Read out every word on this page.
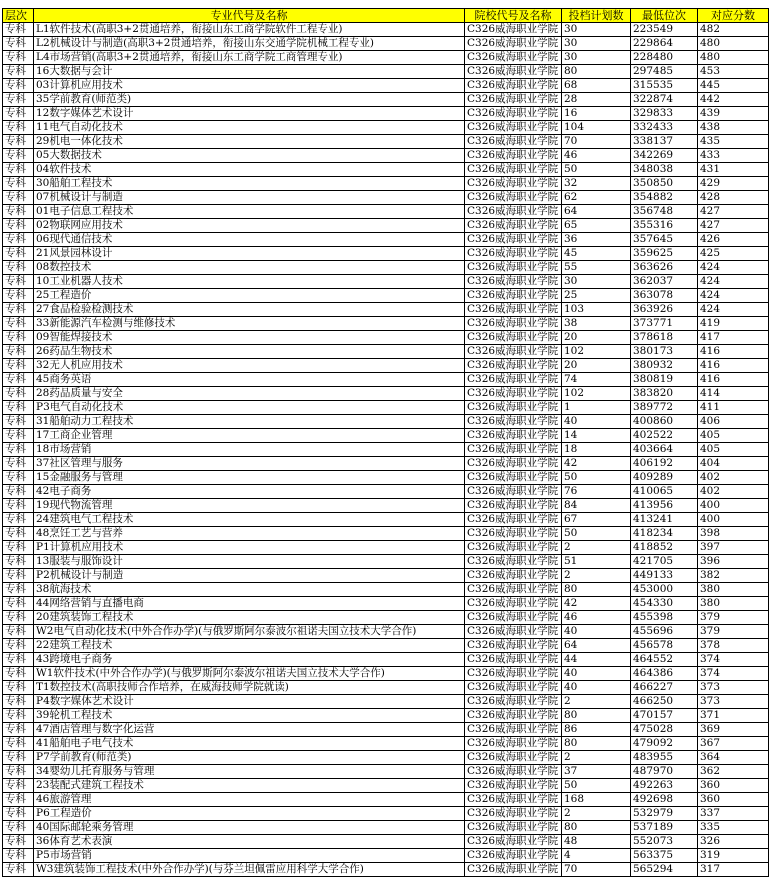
层次	专业代号及名称	院校代号及名称	投档计划数	最低位次	对应分数
专科	L1软件技术(高职3+2贯通培养，衔接山东工商学院软件工程专业)	C326威海职业学院	30	223549	482
专科	L2机械设计与制造(高职3+2贯通培养，衔接山东交通学院机械工程专业)	C326威海职业学院	30	229864	480
专科	L4市场营销(高职3+2贯通培养，衔接山东工商学院工商管理专业)	C326威海职业学院	30	228480	480
专科	16大数据与会计	C326威海职业学院	80	297485	453
专科	03计算机应用技术	C326威海职业学院	68	315535	445
专科	35学前教育(师范类)	C326威海职业学院	28	322874	442
专科	12数字媒体艺术设计	C326威海职业学院	16	329833	439
专科	11电气自动化技术	C326威海职业学院	104	332433	438
专科	29机电一体化技术	C326威海职业学院	70	338137	435
专科	05大数据技术	C326威海职业学院	46	342269	433
专科	04软件技术	C326威海职业学院	50	348038	431
专科	30船舶工程技术	C326威海职业学院	32	350850	429
专科	07机械设计与制造	C326威海职业学院	62	354882	428
专科	01电子信息工程技术	C326威海职业学院	64	356748	427
专科	02物联网应用技术	C326威海职业学院	65	355316	427
专科	06现代通信技术	C326威海职业学院	36	357645	426
专科	21风景园林设计	C326威海职业学院	45	359625	425
专科	08数控技术	C326威海职业学院	55	363626	424
专科	10工业机器人技术	C326威海职业学院	30	362037	424
专科	25工程造价	C326威海职业学院	25	363078	424
专科	27食品检验检测技术	C326威海职业学院	103	363926	424
专科	33新能源汽车检测与维修技术	C326威海职业学院	38	373771	419
专科	09智能焊接技术	C326威海职业学院	20	378618	417
专科	26药品生物技术	C326威海职业学院	102	380173	416
专科	32无人机应用技术	C326威海职业学院	20	380932	416
专科	45商务英语	C326威海职业学院	74	380819	416
专科	28药品质量与安全	C326威海职业学院	102	383820	414
专科	P3电气自动化技术	C326威海职业学院	1	389772	411
专科	31船舶动力工程技术	C326威海职业学院	40	400860	406
专科	17工商企业管理	C326威海职业学院	14	402522	405
专科	18市场营销	C326威海职业学院	18	403664	405
专科	37社区管理与服务	C326威海职业学院	42	406192	404
专科	15金融服务与管理	C326威海职业学院	50	409289	402
专科	42电子商务	C326威海职业学院	76	410065	402
专科	19现代物流管理	C326威海职业学院	84	413956	400
专科	24建筑电气工程技术	C326威海职业学院	67	413241	400
专科	48烹饪工艺与营养	C326威海职业学院	50	418234	398
专科	P1计算机应用技术	C326威海职业学院	2	418852	397
专科	13服装与服饰设计	C326威海职业学院	51	421705	396
专科	P2机械设计与制造	C326威海职业学院	2	449133	382
专科	38航海技术	C326威海职业学院	80	453000	380
专科	44网络营销与直播电商	C326威海职业学院	42	454330	380
专科	20建筑装饰工程技术	C326威海职业学院	46	455398	379
专科	W2电气自动化技术(中外合作办学)(与俄罗斯阿尔泰波尔祖诺夫国立技术大学合作)	C326威海职业学院	40	455696	379
专科	22建筑工程技术	C326威海职业学院	64	456578	378
专科	43跨境电子商务	C326威海职业学院	44	464552	374
专科	W1软件技术(中外合作办学)(与俄罗斯阿尔泰波尔祖诺夫国立技术大学合作)	C326威海职业学院	40	464386	374
专科	T1数控技术(高职技师合作培养，在威海技师学院就读)	C326威海职业学院	40	466227	373
专科	P4数字媒体艺术设计	C326威海职业学院	2	466250	373
专科	39轮机工程技术	C326威海职业学院	80	470157	371
专科	47酒店管理与数字化运营	C326威海职业学院	86	475028	369
专科	41船舶电子电气技术	C326威海职业学院	80	479092	367
专科	P7学前教育(师范类)	C326威海职业学院	2	483955	364
专科	34婴幼儿托育服务与管理	C326威海职业学院	37	487970	362
专科	23装配式建筑工程技术	C326威海职业学院	50	492263	360
专科	46旅游管理	C326威海职业学院	168	492698	360
专科	P6工程造价	C326威海职业学院	2	532979	337
专科	40国际邮轮乘务管理	C326威海职业学院	80	537189	335
专科	36体育艺术表演	C326威海职业学院	48	552073	326
专科	P5市场营销	C326威海职业学院	4	563375	319
专科	W3建筑装饰工程技术(中外合作办学)(与芬兰坦佩雷应用科学大学合作)	C326威海职业学院	70	565294	317
